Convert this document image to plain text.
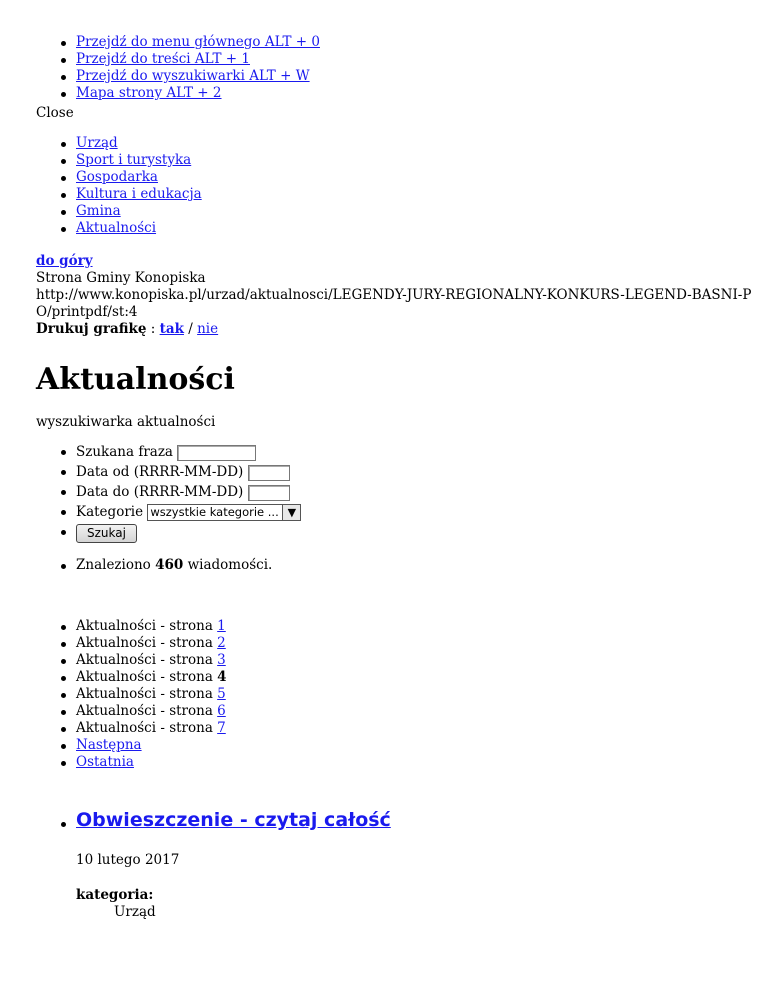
Przejdź do menu głównego ALT + 0
Przejdź do treści ALT + 1
Przejdź do wyszukiwarki ALT + W
Mapa strony ALT + 2
Close
Urząd
Sport i turystyka
Gospodarka
Kultura i edukacja
Gmina
Aktualności
do góry
Strona Gminy Konopiska
http://www.konopiska.pl/urzad/aktualnosci/LEGENDY-JURY-REGIONALNY-KONKURS-LEGEND-BASNI-PO/printpdf/st:4
Drukuj grafikę : tak / nie
Aktualności
wyszukiwarka aktualności
Szukana fraza
Data od (RRRR-MM-DD)
Data do (RRRR-MM-DD)
Kategorie wszystkie kategorie ... ▼
Szukaj
Znaleziono 460 wiadomości.
Aktualności - strona 1
Aktualności - strona 2
Aktualności - strona 3
Aktualności - strona 4
Aktualności - strona 5
Aktualności - strona 6
Aktualności - strona 7
Następna
Ostatnia
Obwieszczenie - czytaj całość
10 lutego 2017
kategoria:
Urząd
